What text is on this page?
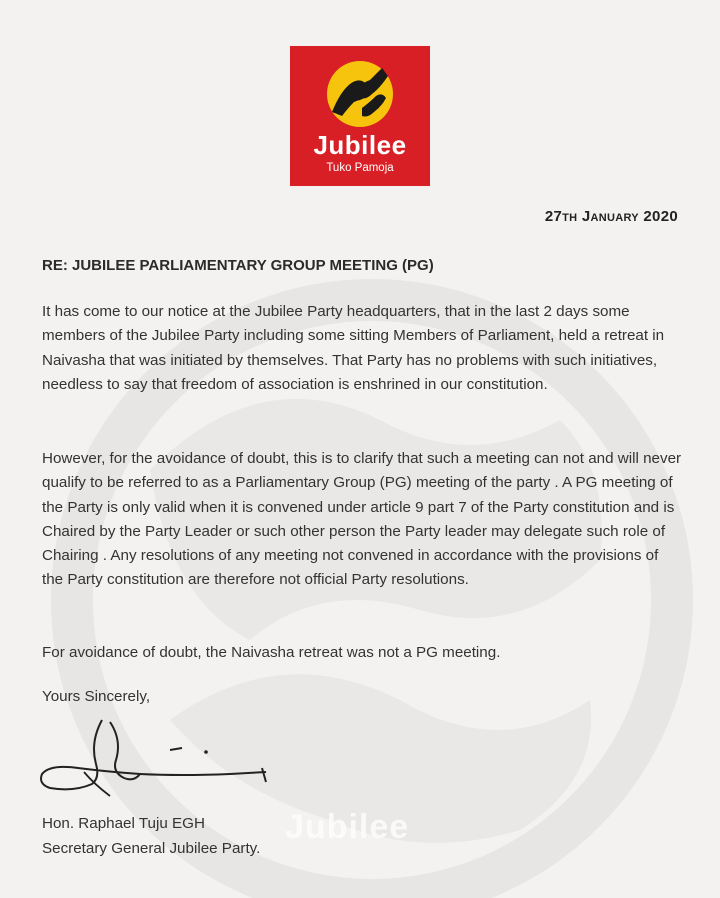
Jubilee
Tuko Pamoja
27th January 2020
RE: JUBILEE PARLIAMENTARY GROUP MEETING (PG)
It has come to our notice at the Jubilee Party headquarters, that in the last 2 days some members of the Jubilee Party including some sitting Members of Parliament, held a retreat in Naivasha that was initiated by themselves. That Party has no problems with such initiatives, needless to say that freedom of association is enshrined in our constitution.
However, for the avoidance of doubt, this is to clarify that such a meeting can not and will never qualify to be referred to as a Parliamentary Group (PG) meeting of the party . A PG meeting of the Party is only valid when it is convened under article 9 part 7 of the Party constitution and is Chaired by the Party Leader or such other person the Party leader may delegate such role of Chairing . Any resolutions of any meeting not convened in accordance with the provisions of the Party constitution are therefore not official Party resolutions.
For avoidance of doubt, the Naivasha retreat was not a PG meeting.
Yours Sincerely,
Hon. Raphael Tuju EGH
Secretary General Jubilee Party.
Jubilee
